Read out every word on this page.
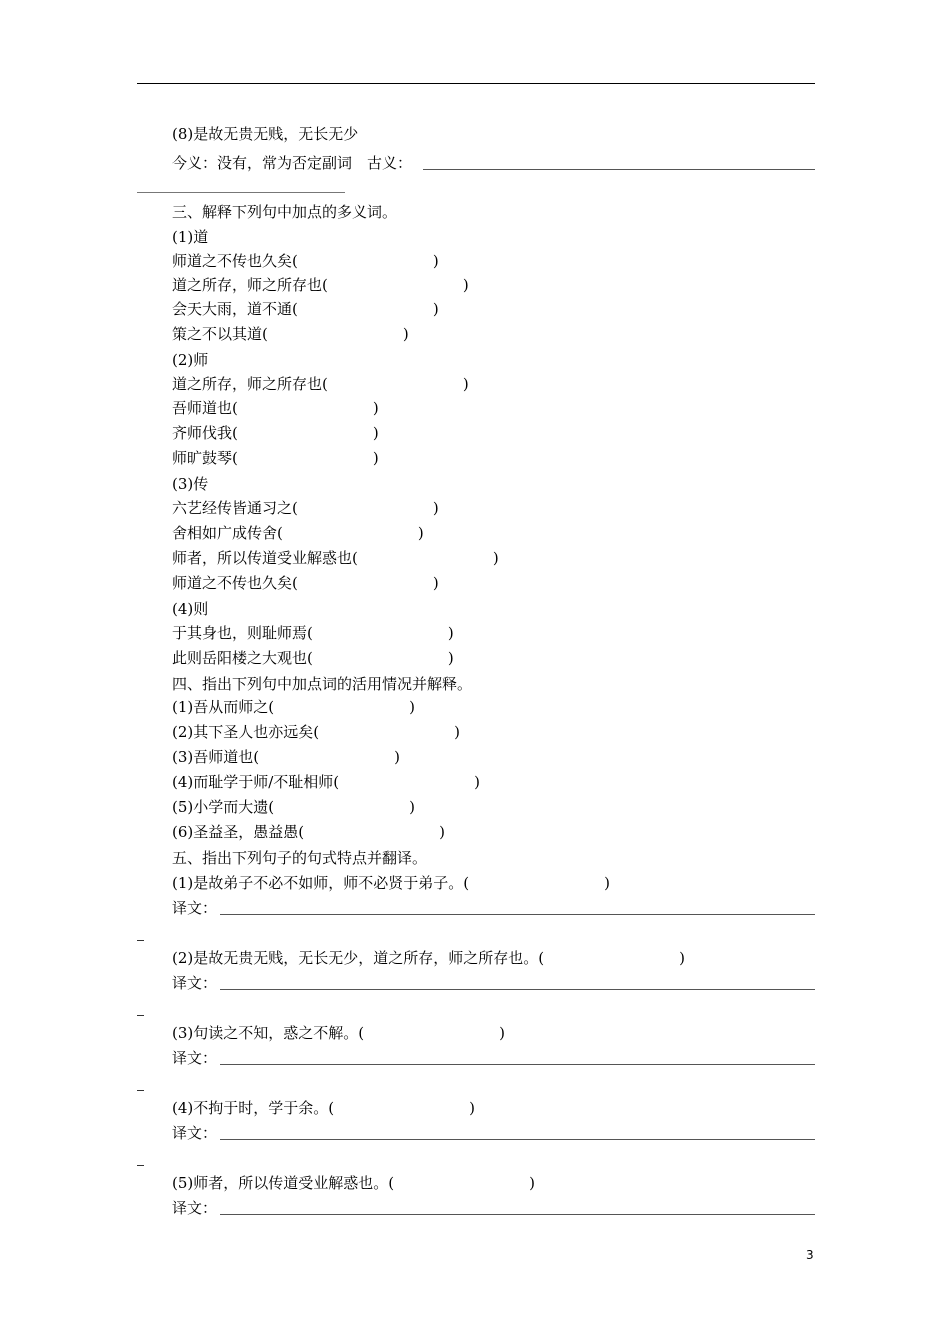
(8)是故无贵无贱，无长无少
今义：没有，常为否定副词　古义：
三、解释下列句中加点的多义词。
(1)道
师道之不传也久矣(　　　　　　　　　)
道之所存，师之所存也(　　　　　　　　　)
会天大雨，道不通(　　　　　　　　　)
策之不以其道(　　　　　　　　　)
(2)师
道之所存，师之所存也(　　　　　　　　　)
吾师道也(　　　　　　　　　)
齐师伐我(　　　　　　　　　)
师旷鼓琴(　　　　　　　　　)
(3)传
六艺经传皆通习之(　　　　　　　　　)
舍相如广成传舍(　　　　　　　　　)
师者，所以传道受业解惑也(　　　　　　　　　)
师道之不传也久矣(　　　　　　　　　)
(4)则
于其身也，则耻师焉(　　　　　　　　　)
此则岳阳楼之大观也(　　　　　　　　　)
四、指出下列句中加点词的活用情况并解释。
(1)吾从而师之(　　　　　　　　　)
(2)其下圣人也亦远矣(　　　　　　　　　)
(3)吾师道也(　　　　　　　　　)
(4)而耻学于师/不耻相师(　　　　　　　　　)
(5)小学而大遗(　　　　　　　　　)
(6)圣益圣，愚益愚(　　　　　　　　　)
五、指出下列句子的句式特点并翻译。
(1)是故弟子不必不如师，师不必贤于弟子。(　　　　　　　　　)
译文：
(2)是故无贵无贱，无长无少，道之所存，师之所存也。(　　　　　　　　　)
译文：
(3)句读之不知，惑之不解。(　　　　　　　　　)
译文：
(4)不拘于时，学于余。(　　　　　　　　　)
译文：
(5)师者，所以传道受业解惑也。(　　　　　　　　　)
译文：
3
